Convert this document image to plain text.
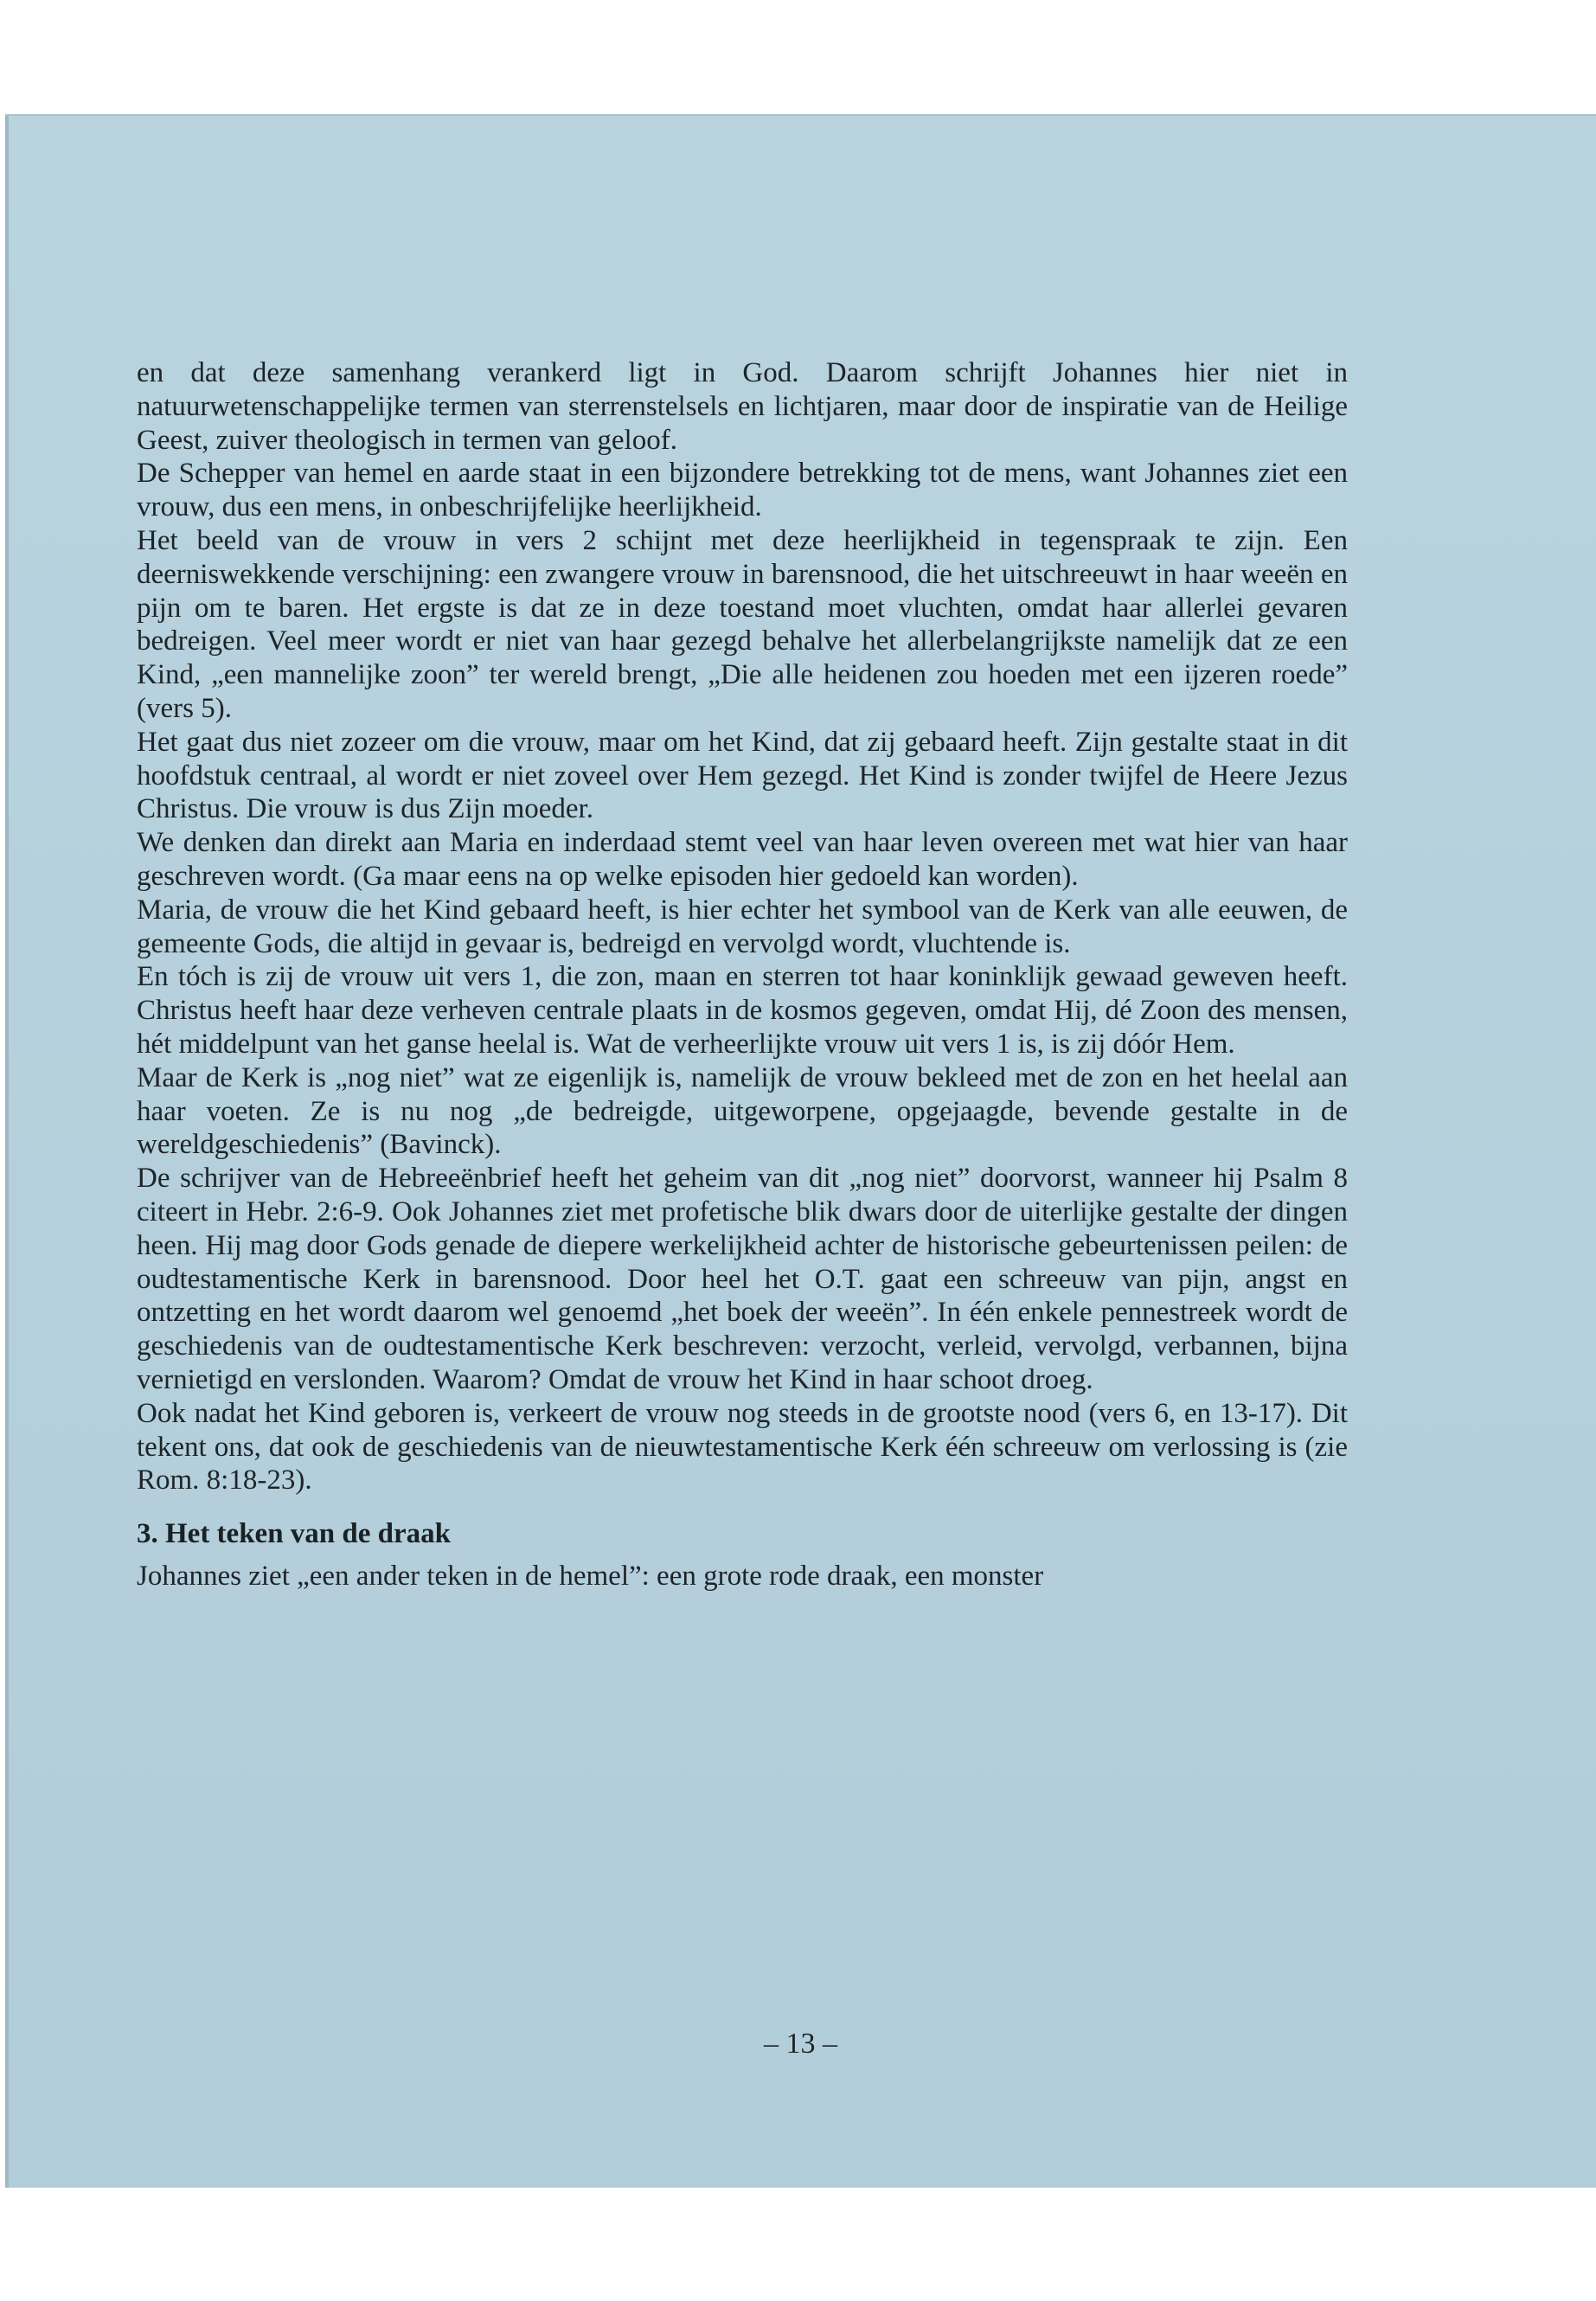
en dat deze samenhang verankerd ligt in God. Daarom schrijft Johannes hier niet in natuurwetenschappelijke termen van sterrenstelsels en lichtjaren, maar door de inspiratie van de Heilige Geest, zuiver theologisch in termen van geloof.

De Schepper van hemel en aarde staat in een bijzondere betrekking tot de mens, want Johannes ziet een vrouw, dus een mens, in onbeschrijfelijke heerlijkheid.

Het beeld van de vrouw in vers 2 schijnt met deze heerlijkheid in tegenspraak te zijn. Een deerniswekkende verschijning: een zwangere vrouw in barensnood, die het uitschreeuwt in haar weeën en pijn om te baren. Het ergste is dat ze in deze toestand moet vluchten, omdat haar allerlei gevaren bedreigen. Veel meer wordt er niet van haar gezegd behalve het allerbelangrijkste namelijk dat ze een Kind, „een mannelijke zoon” ter wereld brengt, „Die alle heidenen zou hoeden met een ijzeren roede” (vers 5).

Het gaat dus niet zozeer om die vrouw, maar om het Kind, dat zij gebaard heeft. Zijn gestalte staat in dit hoofdstuk centraal, al wordt er niet zoveel over Hem gezegd. Het Kind is zonder twijfel de Heere Jezus Christus. Die vrouw is dus Zijn moeder.

We denken dan direkt aan Maria en inderdaad stemt veel van haar leven overeen met wat hier van haar geschreven wordt. (Ga maar eens na op welke episoden hier gedoeld kan worden).

Maria, de vrouw die het Kind gebaard heeft, is hier echter het symbool van de Kerk van alle eeuwen, de gemeente Gods, die altijd in gevaar is, bedreigd en vervolgd wordt, vluchtende is.

En tóch is zij de vrouw uit vers 1, die zon, maan en sterren tot haar koninklijk gewaad geweven heeft. Christus heeft haar deze verheven centrale plaats in de kosmos gegeven, omdat Hij, dé Zoon des mensen, hét middelpunt van het ganse heelal is. Wat de verheerlijkte vrouw uit vers 1 is, is zij dóór Hem.

Maar de Kerk is „nog niet” wat ze eigenlijk is, namelijk de vrouw bekleed met de zon en het heelal aan haar voeten. Ze is nu nog „de bedreigde, uitgeworpene, opgejaagde, bevende gestalte in de wereldgeschiedenis” (Bavinck).

De schrijver van de Hebreeënbrief heeft het geheim van dit „nog niet” doorvorst, wanneer hij Psalm 8 citeert in Hebr. 2:6-9. Ook Johannes ziet met profetische blik dwars door de uiterlijke gestalte der dingen heen. Hij mag door Gods genade de diepere werkelijkheid achter de historische gebeurtenissen peilen: de oudtestamentische Kerk in barensnood. Door heel het O.T. gaat een schreeuw van pijn, angst en ontzetting en het wordt daarom wel genoemd „het boek der weeën”. In één enkele pennestreek wordt de geschiedenis van de oudtestamentische Kerk beschreven: verzocht, verleid, vervolgd, verbannen, bijna vernietigd en verslonden. Waarom? Omdat de vrouw het Kind in haar schoot droeg.

Ook nadat het Kind geboren is, verkeert de vrouw nog steeds in de grootste nood (vers 6, en 13-17). Dit tekent ons, dat ook de geschiedenis van de nieuwtestamentische Kerk één schreeuw om verlossing is (zie Rom. 8:18-23).

3. Het teken van de draak

Johannes ziet „een ander teken in de hemel”: een grote rode draak, een monster

– 13 –
